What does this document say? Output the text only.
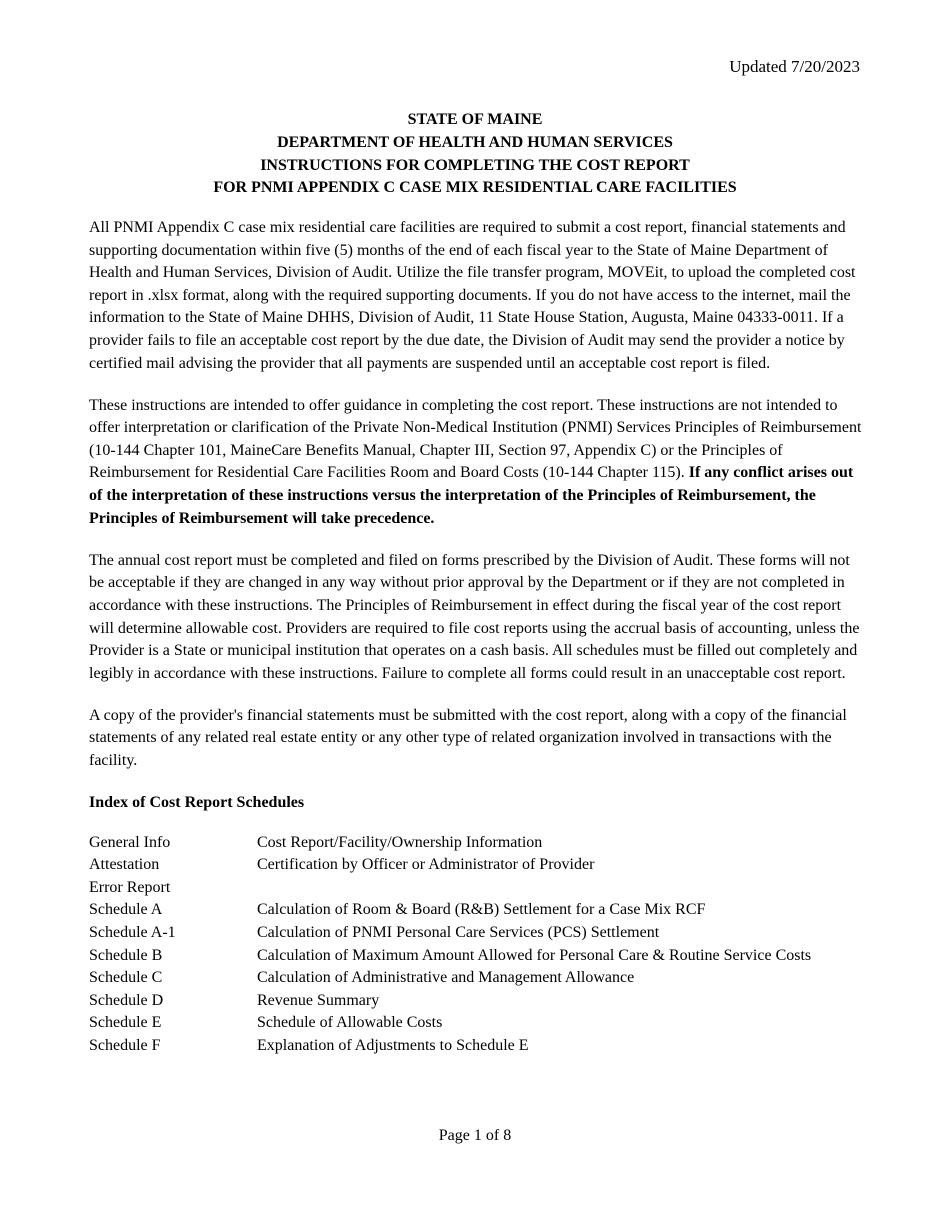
Updated 7/20/2023
STATE OF MAINE
DEPARTMENT OF HEALTH AND HUMAN SERVICES
INSTRUCTIONS FOR COMPLETING THE COST REPORT
FOR PNMI APPENDIX C CASE MIX RESIDENTIAL CARE FACILITIES

All PNMI Appendix C case mix residential care facilities are required to submit a cost report, financial statements and supporting documentation within five (5) months of the end of each fiscal year to the State of Maine Department of Health and Human Services, Division of Audit. Utilize the file transfer program, MOVEit, to upload the completed cost report in .xlsx format, along with the required supporting documents. If you do not have access to the internet, mail the information to the State of Maine DHHS, Division of Audit, 11 State House Station, Augusta, Maine 04333-0011. If a provider fails to file an acceptable cost report by the due date, the Division of Audit may send the provider a notice by certified mail advising the provider that all payments are suspended until an acceptable cost report is filed.

These instructions are intended to offer guidance in completing the cost report. These instructions are not intended to offer interpretation or clarification of the Private Non-Medical Institution (PNMI) Services Principles of Reimbursement (10-144 Chapter 101, MaineCare Benefits Manual, Chapter III, Section 97, Appendix C) or the Principles of Reimbursement for Residential Care Facilities Room and Board Costs (10-144 Chapter 115). If any conflict arises out of the interpretation of these instructions versus the interpretation of the Principles of Reimbursement, the Principles of Reimbursement will take precedence.

The annual cost report must be completed and filed on forms prescribed by the Division of Audit. These forms will not be acceptable if they are changed in any way without prior approval by the Department or if they are not completed in accordance with these instructions. The Principles of Reimbursement in effect during the fiscal year of the cost report will determine allowable cost. Providers are required to file cost reports using the accrual basis of accounting, unless the Provider is a State or municipal institution that operates on a cash basis. All schedules must be filled out completely and legibly in accordance with these instructions. Failure to complete all forms could result in an unacceptable cost report.

A copy of the provider's financial statements must be submitted with the cost report, along with a copy of the financial statements of any related real estate entity or any other type of related organization involved in transactions with the facility.

Index of Cost Report Schedules
General Info	Cost Report/Facility/Ownership Information
Attestation	Certification by Officer or Administrator of Provider
Error Report
Schedule A	Calculation of Room & Board (R&B) Settlement for a Case Mix RCF
Schedule A-1	Calculation of PNMI Personal Care Services (PCS) Settlement
Schedule B	Calculation of Maximum Amount Allowed for Personal Care & Routine Service Costs
Schedule C	Calculation of Administrative and Management Allowance
Schedule D	Revenue Summary
Schedule E	Schedule of Allowable Costs
Schedule F	Explanation of Adjustments to Schedule E
Page 1 of 8
